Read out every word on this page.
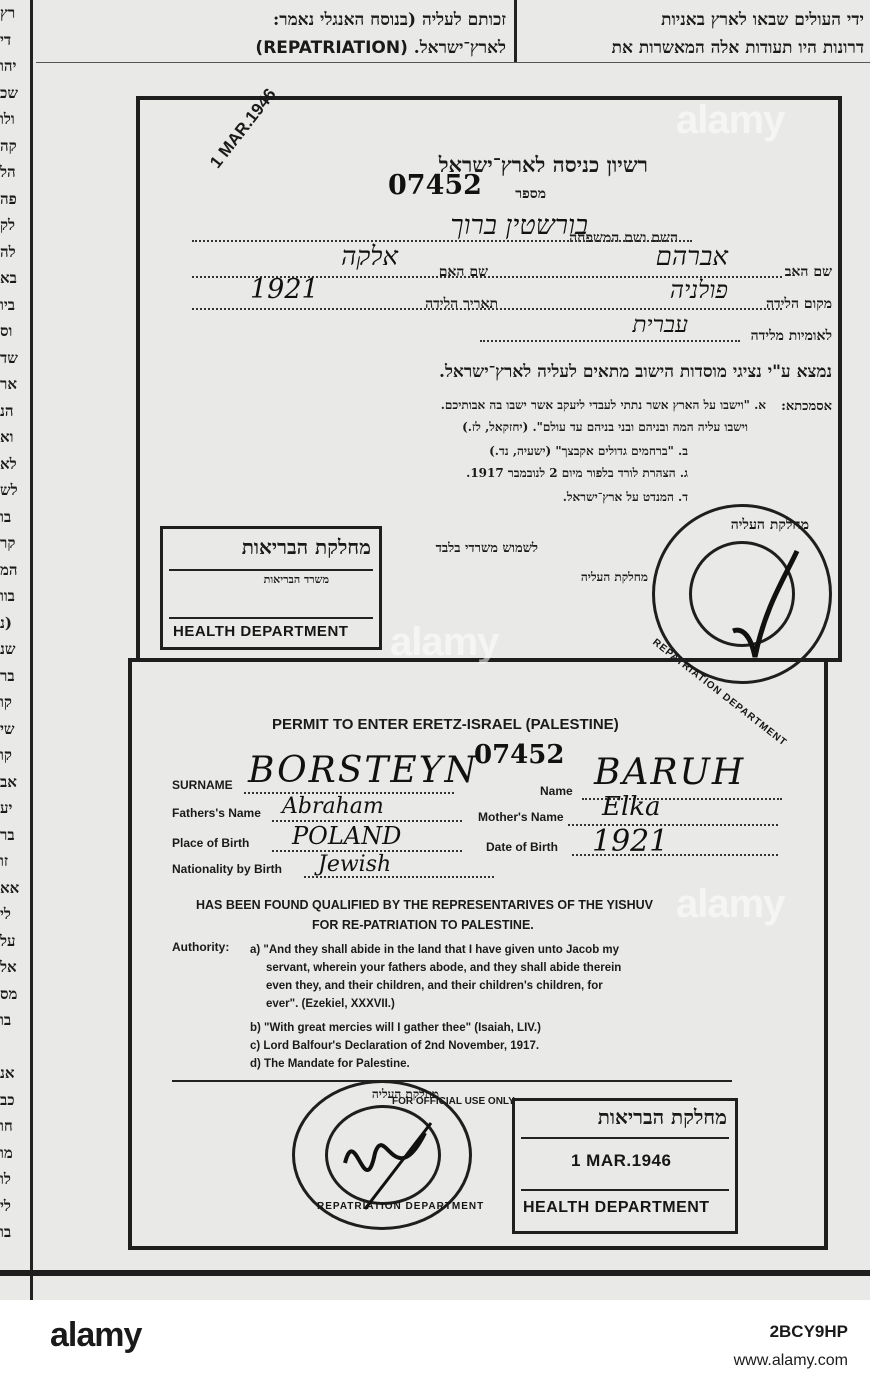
רץ
די
יהו
שכ
ולו
קה
הל
פה
לק
לה
בא
ביו
וס
שד
אר
הנ
וא
לא
לש
בו
קר
המ
בוו
(נ
שנ
בר
קו
שי
קו
אב
יע
בר
זו
אא
לי
על
אל
מס
בו
אנ
כב
חו
מו
לו
לי
בו
זכותם לעליה (בנוסח האנגלי נאמר:
לארץ־ישראל. (REPATRIATION)
ידי העולים שבאו לארץ באניות
דרונות היו תעודות אלה המאשרות את
רשיון כניסה לארץ־ישראל
מספר
07452
1 MAR.1946
השם ושם המשפחה
בורשטין ברוך
שם האב
אברהם
שם האם
אלקה
מקום הלידה
פולניה
תאריך הלידה
1921
לאומיות מלידה
עברית
נמצא ע"י נציגי מוסדות הישוב מתאים לעליה לארץ־ישראל.
אסמכתא:
א. "וישבו על הארץ אשר נתתי לעבדי ליעקב אשר ישבו בה אבותיכם.
וישבו עליה המה ובניהם ובני בניהם עד עולם". (יחזקאל, לז.)
ב. "ברחמים גדולים אקבצך" (ישעיה, נד.)
ג. הצהרת לורד בלפור מיום 2 לנובמבר 1917.
ד. המנדט על ארץ־ישראל.
לשמוש משרדי בלבד
מחלקת העליה
מחלקת הבריאות
משרד הבריאות
HEALTH DEPARTMENT
מחלקת העליה
REPATRIATION DEPARTMENT
PERMIT TO ENTER ERETZ-ISRAEL (PALESTINE)
07452
SURNAME BORSTEYN	Name BARUH
Fathers's Name Abraham	Mother's Name Elka
Place of Birth POLAND	Date of Birth 1921
Nationality by Birth Jewish
HAS BEEN FOUND QUALIFIED BY THE REPRESENTARIVES OF THE YISHUV
FOR RE-PATRIATION TO PALESTINE.
Authority: a) "And they shall abide in the land that I have given unto Jacob my
servant, wherein your fathers abode, and they shall abide therein
even they, and their children, and their children's children, for
ever". (Ezekiel, XXXVII.)
b) "With great mercies will I gather thee" (Isaiah, LIV.)
c) Lord Balfour's Declaration of 2nd November, 1917.
d) The Mandate for Palestine.
FOR OFFICIAL USE ONLY
מחלקת העליה
REPATRIATION DEPARTMENT
מחלקת הבריאות
1 MAR.1946
HEALTH DEPARTMENT
alamy
alamy
alamy
alamy	2BCY9HP
www.alamy.com
